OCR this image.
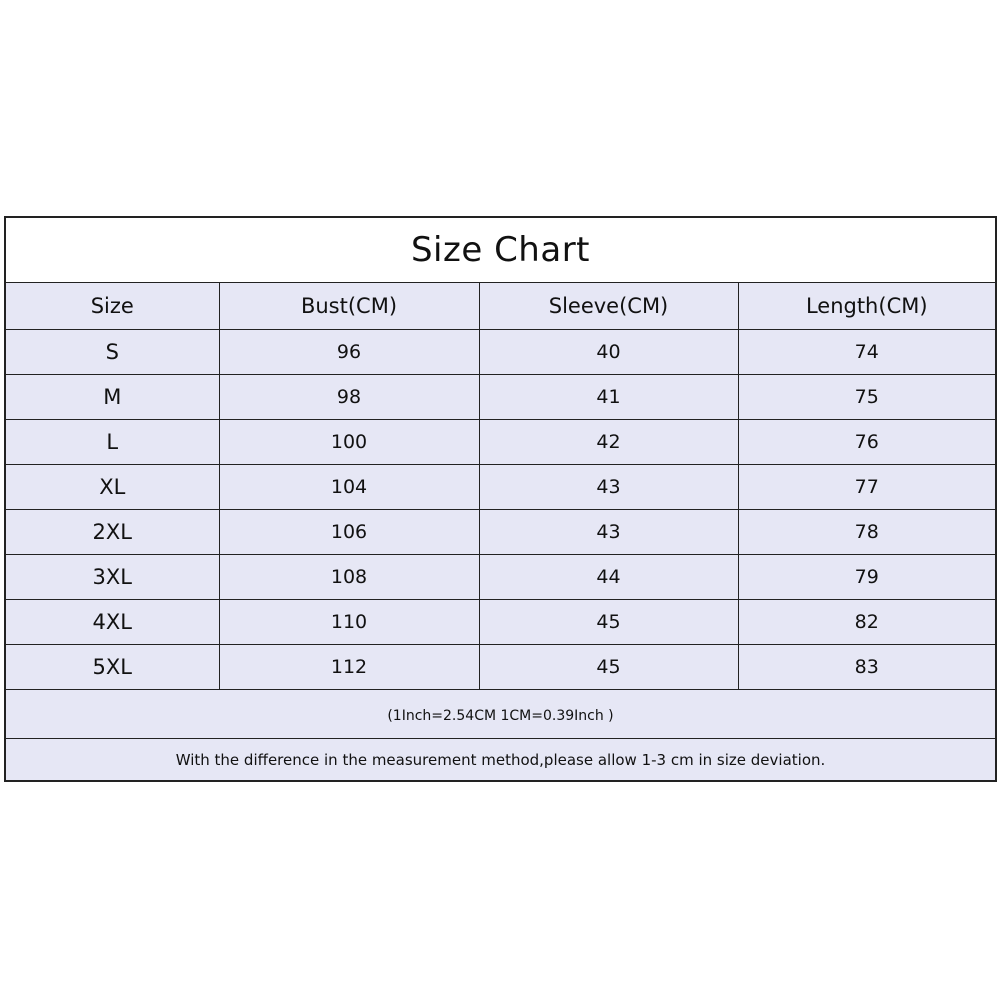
Size Chart
Size	Bust(CM)	Sleeve(CM)	Length(CM)
S	96	40	74
M	98	41	75
L	100	42	76
XL	104	43	77
2XL	106	43	78
3XL	108	44	79
4XL	110	45	82
5XL	112	45	83
(1Inch=2.54CM 1CM=0.39Inch )
With the difference in the measurement method,please allow 1-3 cm in size deviation.
